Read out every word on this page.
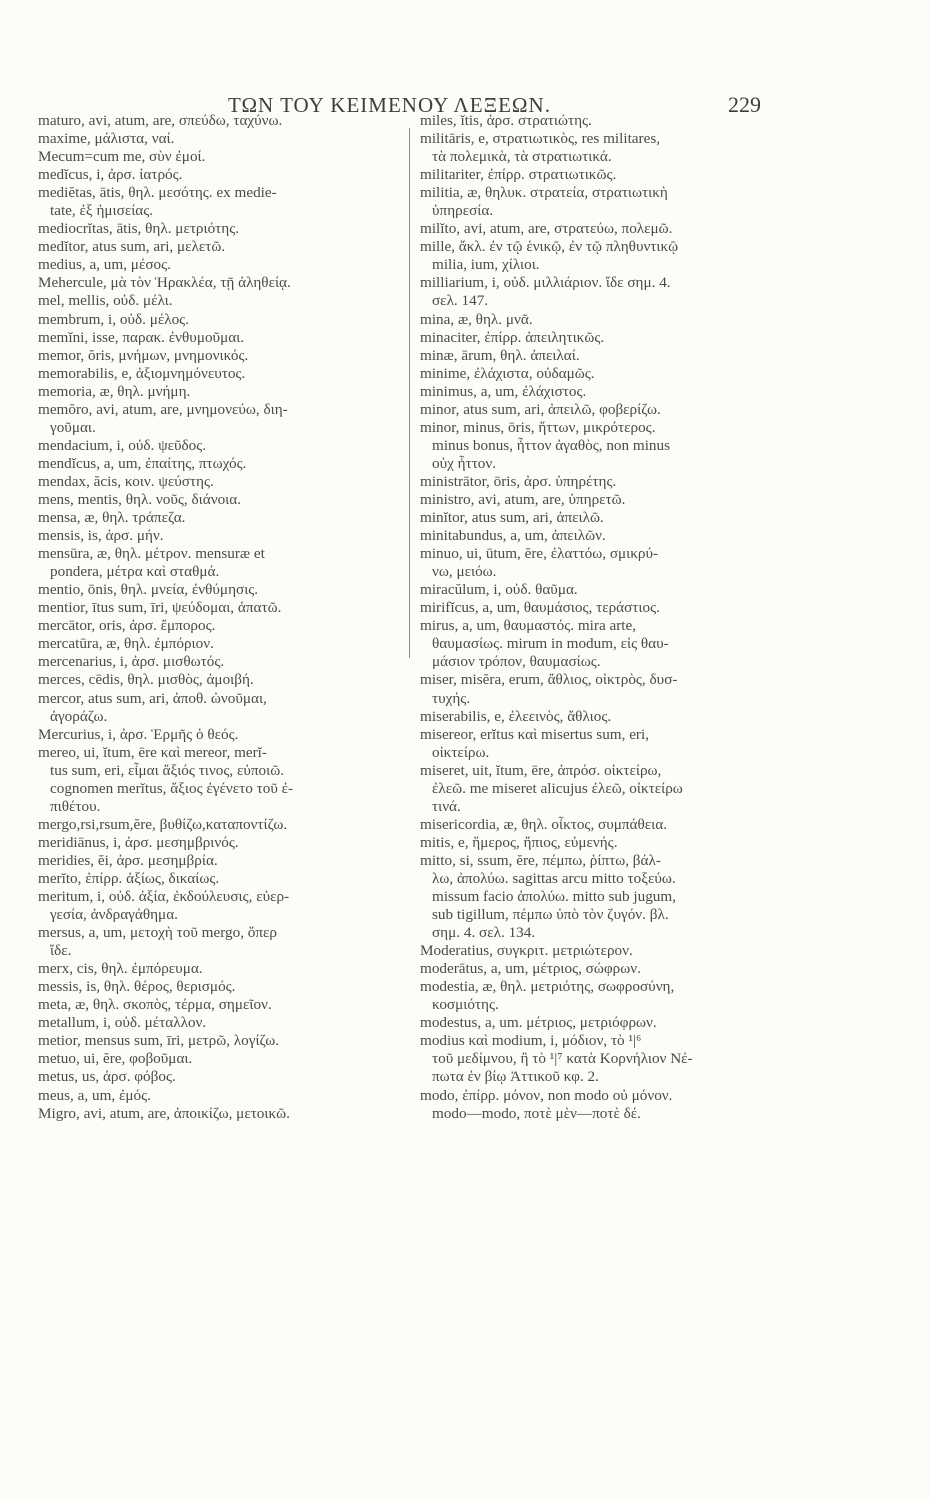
ΤΩΝ ΤΟΥ ΚΕΙΜΕΝΟΥ ΛΕΞΕΩΝ.	229
maturo, avi, atum, are, σπεύδω, ταχύνω.
maxime, μάλιστα, ναί.
Mecum=cum me, σὺν ἐμοί.
medĭcus, i, ἀρσ. ἰατρός.
mediĕtas, ātis, θηλ. μεσότης. ex medie-
tate, ἐξ ἡμισείας.
mediocrĭtas, ātis, θηλ. μετριότης.
medĭtor, atus sum, ari, μελετῶ.
medius, a, um, μέσος.
Mehercule, μὰ τὸν Ἡρακλέα, τῇ ἀληθείᾳ.
mel, mellis, οὐδ. μέλι.
membrum, i, οὐδ. μέλος.
memĭni, isse, παρακ. ἐνθυμοῦμαι.
memor, ŏris, μνήμων, μνημονικός.
memorabilis, e, ἀξιομνημόνευτος.
memoria, æ, θηλ. μνήμη.
memŏro, avi, atum, are, μνημονεύω, διη-
γοῦμαι.
mendacium, i, οὐδ. ψεῦδος.
mendĭcus, a, um, ἐπαίτης, πτωχός.
mendax, ăcis, κοιν. ψεύστης.
mens, mentis, θηλ. νοῦς, διάνοια.
mensa, æ, θηλ. τράπεζα.
mensis, is, ἀρσ. μήν.
mensūra, æ, θηλ. μέτρον. mensuræ et
pondera, μέτρα καὶ σταθμά.
mentio, ōnis, θηλ. μνεία, ἐνθύμησις.
mentior, ītus sum, īri, ψεύδομαι, ἀπατῶ.
mercātor, oris, ἀρσ. ἔμπορος.
mercatūra, æ, θηλ. ἐμπόριον.
mercenarius, i, ἀρσ. μισθωτός.
merces, cēdis, θηλ. μισθὸς, ἀμοιβή.
mercor, atus sum, ari, ἀποθ. ὠνοῦμαι,
ἀγοράζω.
Mercurius, i, ἀρσ. Ἑρμῆς ὁ θεός.
mereo, ui, ĭtum, ēre καὶ mereor, merĭ-
tus sum, eri, εἶμαι ἄξιός τινος, εὐποιῶ.
cognomen merĭtus, ἄξιος ἐγένετο τοῦ ἐ-
πιθέτου.
mergo,rsi,rsum,ĕre, βυθίζω,καταποντίζω.
meridiānus, i, ἀρσ. μεσημβρινός.
meridies, ĕi, ἀρσ. μεσημβρία.
merĭto, ἐπίρρ. ἀξίως, δικαίως.
meritum, i, οὐδ. ἀξία, ἐκδούλευσις, εὐερ-
γεσία, ἀνδραγάθημα.
mersus, a, um, μετοχὴ τοῦ mergo, ὅπερ
ἴδε.
merx, cis, θηλ. ἐμπόρευμα.
messis, is, θηλ. θέρος, θερισμός.
meta, æ, θηλ. σκοπὸς, τέρμα, σημεῖον.
metallum, i, οὐδ. μέταλλον.
metior, mensus sum, īri, μετρῶ, λογίζω.
metuo, ui, ĕre, φοβοῦμαι.
metus, us, ἀρσ. φόβος.
meus, a, um, ἐμός.
Migro, avi, atum, are, ἀποικίζω, μετοικῶ.
miles, ĭtis, ἀρσ. στρατιώτης.
militāris, e, στρατιωτικὸς, res militares,
τὰ πολεμικὰ, τὰ στρατιωτικά.
militariter, ἐπίρρ. στρατιωτικῶς.
militia, æ, θηλυκ. στρατεία, στρατιωτικὴ
ὑπηρεσία.
milĭto, avi, atum, are, στρατεύω, πολεμῶ.
mille, ἄκλ. ἐν τῷ ἑνικῷ, ἐν τῷ πληθυντικῷ
milia, ium, χίλιοι.
milliarium, i, οὐδ. μιλλιάριον. ἴδε σημ. 4.
σελ. 147.
mina, æ, θηλ. μνᾶ.
minaciter, ἐπίρρ. ἀπειλητικῶς.
minæ, ārum, θηλ. ἀπειλαί.
minime, ἐλάχιστα, οὐδαμῶς.
minimus, a, um, ἐλάχιστος.
minor, atus sum, ari, ἀπειλῶ, φοβερίζω.
minor, minus, ōris, ἥττων, μικρότερος.
minus bonus, ἧττον ἀγαθὸς, non minus
οὐχ ἧττον.
ministrātor, ōris, ἀρσ. ὑπηρέτης.
ministro, avi, atum, are, ὑπηρετῶ.
minĭtor, atus sum, ari, ἀπειλῶ.
minitabundus, a, um, ἀπειλῶν.
minuo, ui, ūtum, ĕre, ἐλαττόω, σμικρύ-
νω, μειόω.
miracŭlum, i, οὐδ. θαῦμα.
mirifĭcus, a, um, θαυμάσιος, τεράστιος.
mirus, a, um, θαυμαστός. mira arte,
θαυμασίως. mirum in modum, εἰς θαυ-
μάσιον τρόπον, θαυμασίως.
miser, misĕra, erum, ἄθλιος, οἰκτρὸς, δυσ-
τυχής.
miserabilis, e, ἐλεεινὸς, ἄθλιος.
misereor, erĭtus καὶ misertus sum, eri,
οἰκτείρω.
miseret, uit, ĭtum, ēre, ἀπρόσ. οἰκτείρω,
ἐλεῶ. me miseret alicujus ἐλεῶ, οἰκτείρω
τινά.
misericordia, æ, θηλ. οἶκτος, συμπάθεια.
mitis, e, ἥμερος, ἤπιος, εὐμενής.
mitto, si, ssum, ĕre, πέμπω, ῥίπτω, βάλ-
λω, ἀπολύω. sagittas arcu mitto τοξεύω.
missum facio ἀπολύω. mitto sub jugum,
sub tigillum, πέμπω ὑπὸ τὸν ζυγόν. βλ.
σημ. 4. σελ. 134.
Moderatius, συγκριτ. μετριώτερον.
moderātus, a, um, μέτριος, σώφρων.
modestia, æ, θηλ. μετριότης, σωφροσύνη,
κοσμιότης.
modestus, a, um. μέτριος, μετριόφρων.
modius καὶ modium, i, μόδιον, τὸ ¹|⁶
τοῦ μεδίμνου, ἢ τὸ ¹|⁷ κατὰ Κορνήλιον Νέ-
πωτα ἐν βίῳ Ἀττικοῦ κφ. 2.
modo, ἐπίρρ. μόνον, non modo οὐ μόνον.
modo—modo, ποτὲ μὲν—ποτὲ δέ.
